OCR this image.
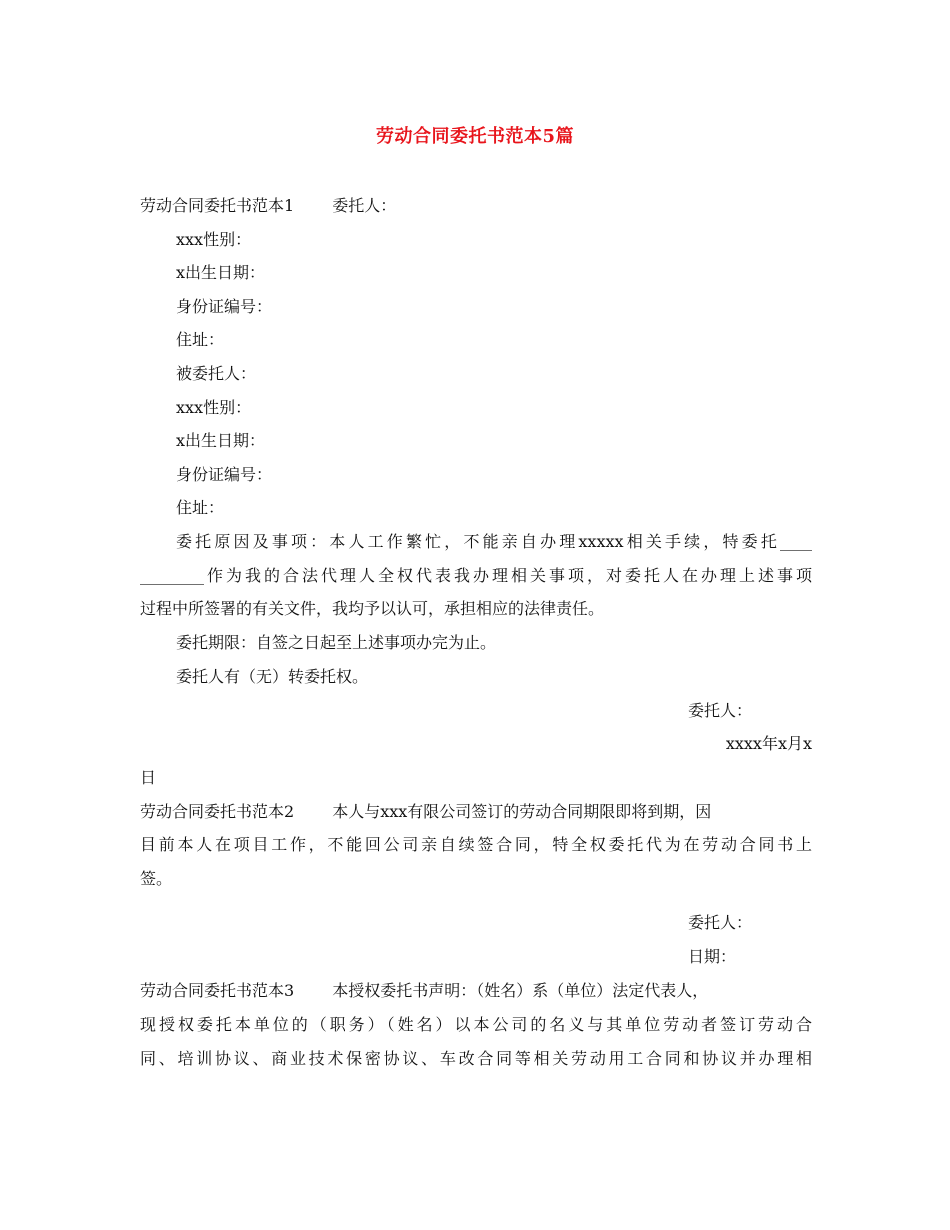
劳动合同委托书范本5篇
劳动合同委托书范本1 委托人：
xxx性别：
x出生日期：
身份证编号：
住址：
被委托人：
xxx性别：
x出生日期：
身份证编号：
住址：
委托原因及事项：本人工作繁忙，不能亲自办理xxxxx相关手续，特委托____
________作为我的合法代理人全权代表我办理相关事项，对委托人在办理上述事项
过程中所签署的有关文件，我均予以认可，承担相应的法律责任。
委托期限：自签之日起至上述事项办完为止。
委托人有（无）转委托权。
委托人：
xxxx年x月x
日
劳动合同委托书范本2 本人与xxx有限公司签订的劳动合同期限即将到期，因
目前本人在项目工作，不能回公司亲自续签合同，特全权委托代为在劳动合同书上
签。
委托人：
日期：
劳动合同委托书范本3 本授权委托书声明：（姓名）系（单位）法定代表人，
现授权委托本单位的（职务）（姓名）以本公司的名义与其单位劳动者签订劳动合
同、培训协议、商业技术保密协议、车改合同等相关劳动用工合同和协议并办理相
